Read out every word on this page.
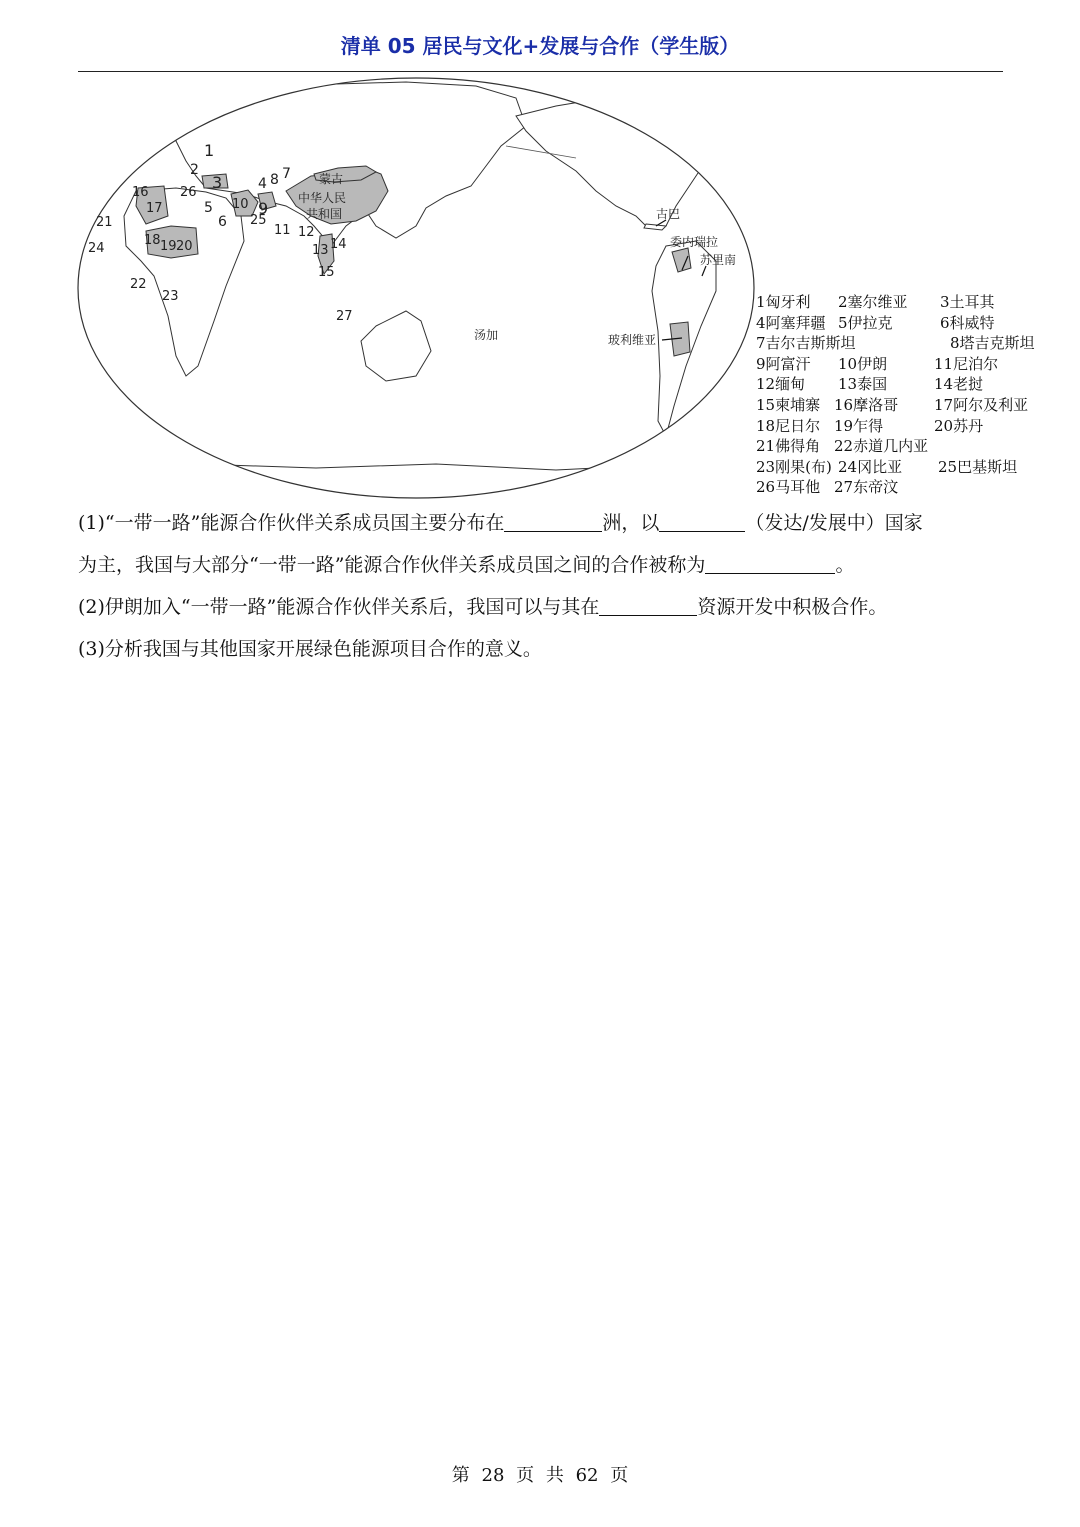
清单 05 居民与文化+发展与合作（学生版）
蒙古
中华人民
共和国	古巴
委内瑞拉
苏里南
玻利维亚
汤加
1
2
3	4
5
6
7
8
9
10
11 12
13 14
15
16
17
18 19 20
21
22
23
24
25
26
27
1匈牙利 2塞尔维亚 3土耳其
4阿塞拜疆 5伊拉克	6科威特
7吉尔吉斯斯坦	8塔吉克斯坦
9阿富汗 10伊朗	11尼泊尔
12缅甸 13泰国	14老挝
15柬埔寨 16摩洛哥 17阿尔及利亚
18尼日尔 19乍得	20苏丹
21佛得角 22赤道几内亚
23刚果(布) 24冈比亚 25巴基斯坦
26马耳他 27东帝汶
(1)“一带一路”能源合作伙伴关系成员国主要分布在	洲，以	（发达/发展中）国家
为主，我国与大部分“一带一路”能源合作伙伴关系成员国之间的合作被称为	。
(2)伊朗加入“一带一路”能源合作伙伴关系后，我国可以与其在	资源开发中积极合作。
(3)分析我国与其他国家开展绿色能源项目合作的意义。
第 28 页 共 62 页
